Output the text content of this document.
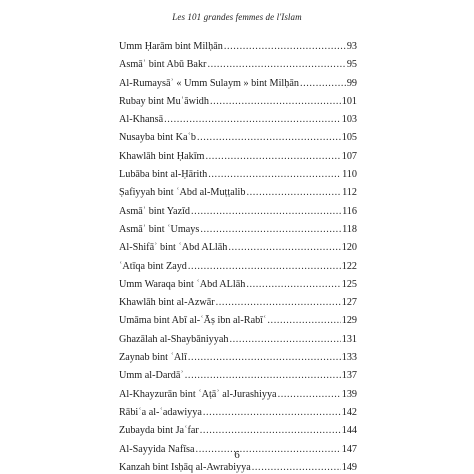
Les 101 grandes femmes de l'Islam
Umm Ḥarām bint Milḥān .....	93
Asmāʾ bint Abū Bakr .....	95
Al-Rumaysāʾ « Umm Sulaym » bint Milḥān .....	99
Rubay bint Muʿāwidh .....	101
Al-Khansā .....	103
Nusayba bint Kaʿb .....	105
Khawlāh bint Ḥakīm .....	107
Lubāba bint al-Ḥārith .....	110
Ṣafiyyah bint ʿAbd al-Muṭṭalib .....	112
Asmāʾ bint Yazīd .....	116
Asmāʾ bint ʿUmays .....	118
Al-Shifāʾ bint ʿAbd ALlāh .....	120
ʿAtīqa bint Zayd .....	122
Umm Waraqa bint ʿAbd ALlāh .....	125
Khawlāh bint al-Azwār .....	127
Umāma bint Abī al-ʿĀṣ ibn al-Rabīʿ .....	129
Ghazālah al-Shaybāniyyah .....	131
Zaynab bint ʿAlī .....	133
Umm al-Dardāʾ .....	137
Al-Khayzurān bint ʿAṭāʾ al-Jurashiyya .....	139
Rābiʿa al-ʿadawiyya .....	142
Zubayda bint Jaʿfar .....	144
Al-Sayyida Nafīsa .....	147
Kanzah bint Isḥāq al-Awrabiyya .....	149
6
